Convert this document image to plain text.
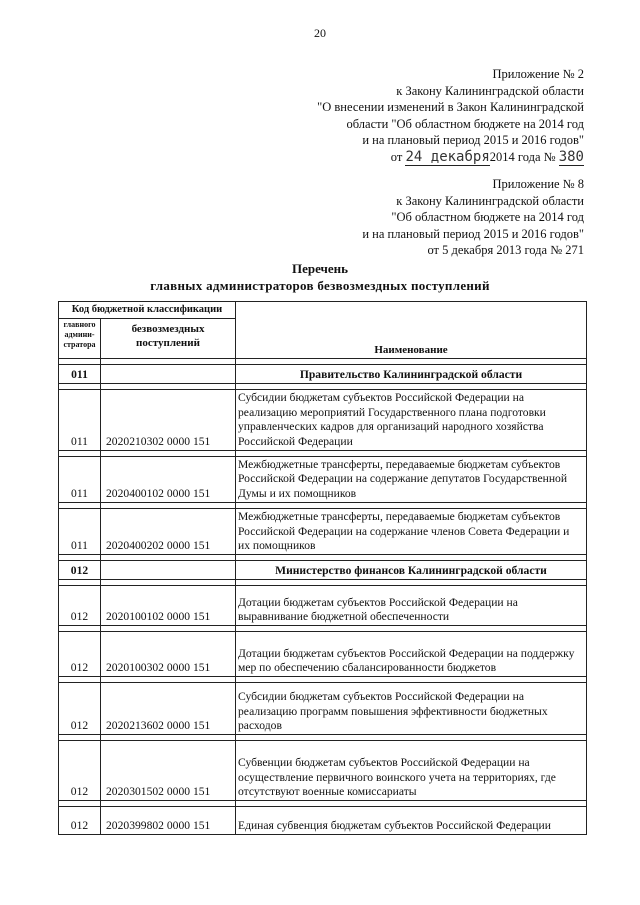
20
Приложение № 2
к Закону Калининградской области
"О внесении изменений в Закон Калининградской
области "Об областном бюджете на 2014 год
и на плановый период 2015 и 2016 годов"
от 24 декабря2014 года № 380
Приложение № 8
к Закону Калининградской области
"Об областном бюджете на 2014 год
и на плановый период 2015 и 2016 годов"
от 5 декабря 2013 года № 271
Перечень
главных администраторов безвозмездных поступлений
Код бюджетной классификации		Наименование
главного админи-стратора	безвозмездных поступлений	

011		Правительство Калининградской области

011	2020210302 0000 151	Субсидии бюджетам субъектов Российской Федерации на реализацию мероприятий Государственного плана подготовки управленческих кадров для организаций народного хозяйства Российской Федерации

011	2020400102 0000 151	Межбюджетные трансферты, передаваемые бюджетам субъектов Российской Федерации на содержание депутатов Государственной Думы и их помощников

011	2020400202 0000 151	Межбюджетные трансферты, передаваемые бюджетам субъектов Российской Федерации на содержание членов Совета Федерации и их помощников

012		Министерство финансов Калининградской области

012	2020100102 0000 151	Дотации бюджетам субъектов Российской Федерации на выравнивание бюджетной обеспеченности

012	2020100302 0000 151	Дотации бюджетам субъектов Российской Федерации на поддержку мер по обеспечению сбалансированности бюджетов

012	2020213602 0000 151	Субсидии бюджетам субъектов Российской Федерации на реализацию программ повышения эффективности бюджетных расходов

012	2020301502 0000 151	Субвенции бюджетам субъектов Российской Федерации на осуществление первичного воинского учета на территориях, где отсутствуют военные комиссариаты

012	2020399802 0000 151	Единая субвенция бюджетам субъектов Российской Федерации
